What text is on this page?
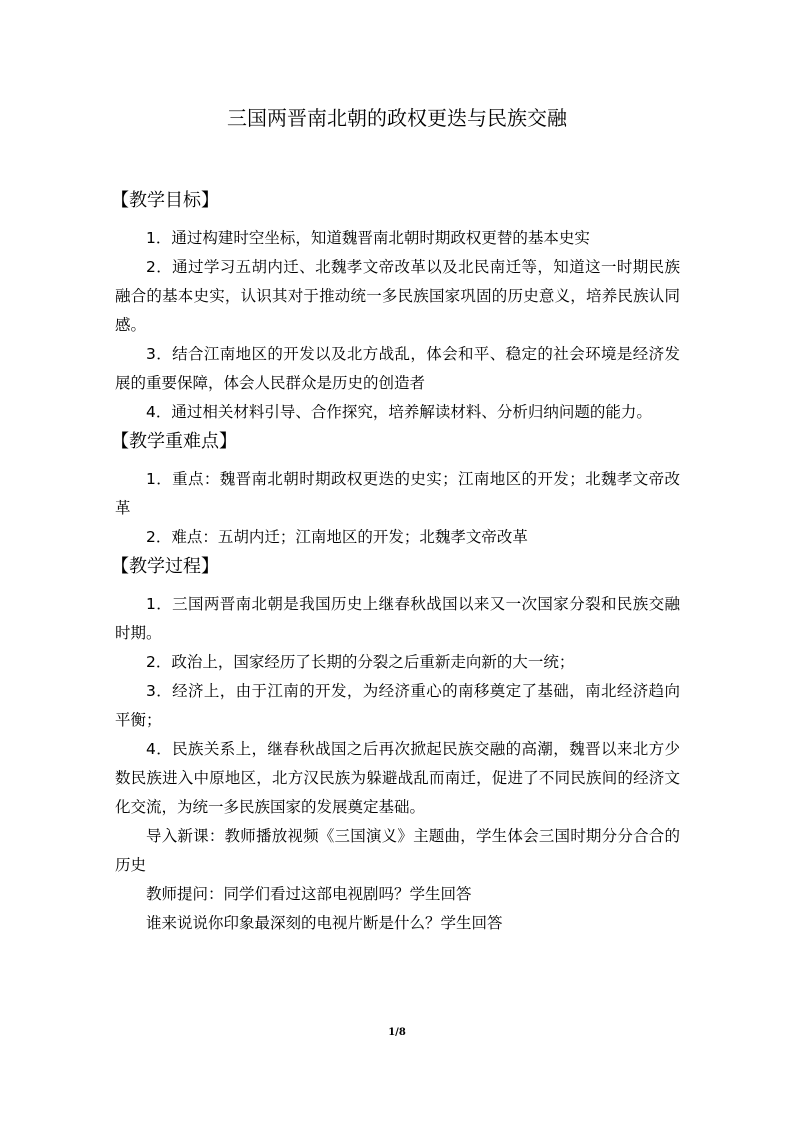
三国两晋南北朝的政权更迭与民族交融
【教学目标】

1．通过构建时空坐标，知道魏晋南北朝时期政权更替的基本史实

2．通过学习五胡内迁、北魏孝文帝改革以及北民南迁等，知道这一时期民族融合的基本史实，认识其对于推动统一多民族国家巩固的历史意义，培养民族认同感。

3．结合江南地区的开发以及北方战乱，体会和平、稳定的社会环境是经济发展的重要保障，体会人民群众是历史的创造者

4．通过相关材料引导、合作探究，培养解读材料、分析归纳问题的能力。

【教学重难点】

1．重点：魏晋南北朝时期政权更迭的史实；江南地区的开发；北魏孝文帝改革

2．难点：五胡内迁；江南地区的开发；北魏孝文帝改革

【教学过程】

1．三国两晋南北朝是我国历史上继春秋战国以来又一次国家分裂和民族交融时期。

2．政治上，国家经历了长期的分裂之后重新走向新的大一统；

3．经济上，由于江南的开发，为经济重心的南移奠定了基础，南北经济趋向平衡；

4．民族关系上，继春秋战国之后再次掀起民族交融的高潮，魏晋以来北方少数民族进入中原地区，北方汉民族为躲避战乱而南迁，促进了不同民族间的经济文化交流，为统一多民族国家的发展奠定基础。

导入新课：教师播放视频《三国演义》主题曲，学生体会三国时期分分合合的历史

教师提问：同学们看过这部电视剧吗？学生回答

谁来说说你印象最深刻的电视片断是什么？学生回答

1/8
